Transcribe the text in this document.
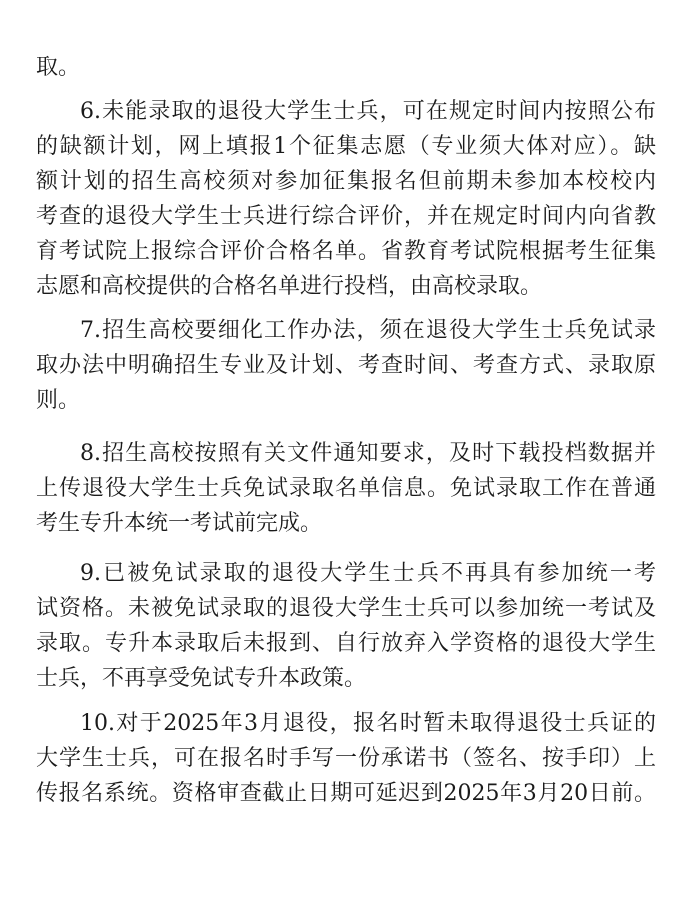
取。

6.未能录取的退役大学生士兵，可在规定时间内按照公布

的缺额计划，网上填报1个征集志愿（专业须大体对应）。缺

额计划的招生高校须对参加征集报名但前期未参加本校校内

考查的退役大学生士兵进行综合评价，并在规定时间内向省教

育考试院上报综合评价合格名单。省教育考试院根据考生征集

志愿和高校提供的合格名单进行投档，由高校录取。

7.招生高校要细化工作办法，须在退役大学生士兵免试录

取办法中明确招生专业及计划、考查时间、考查方式、录取原

则。

8.招生高校按照有关文件通知要求，及时下载投档数据并

上传退役大学生士兵免试录取名单信息。免试录取工作在普通

考生专升本统一考试前完成。

9.已被免试录取的退役大学生士兵不再具有参加统一考

试资格。未被免试录取的退役大学生士兵可以参加统一考试及

录取。专升本录取后未报到、自行放弃入学资格的退役大学生

士兵，不再享受免试专升本政策。

10.对于2025年3月退役，报名时暂未取得退役士兵证的

大学生士兵，可在报名时手写一份承诺书（签名、按手印）上

传报名系统。资格审查截止日期可延迟到2025年3月20日前。
